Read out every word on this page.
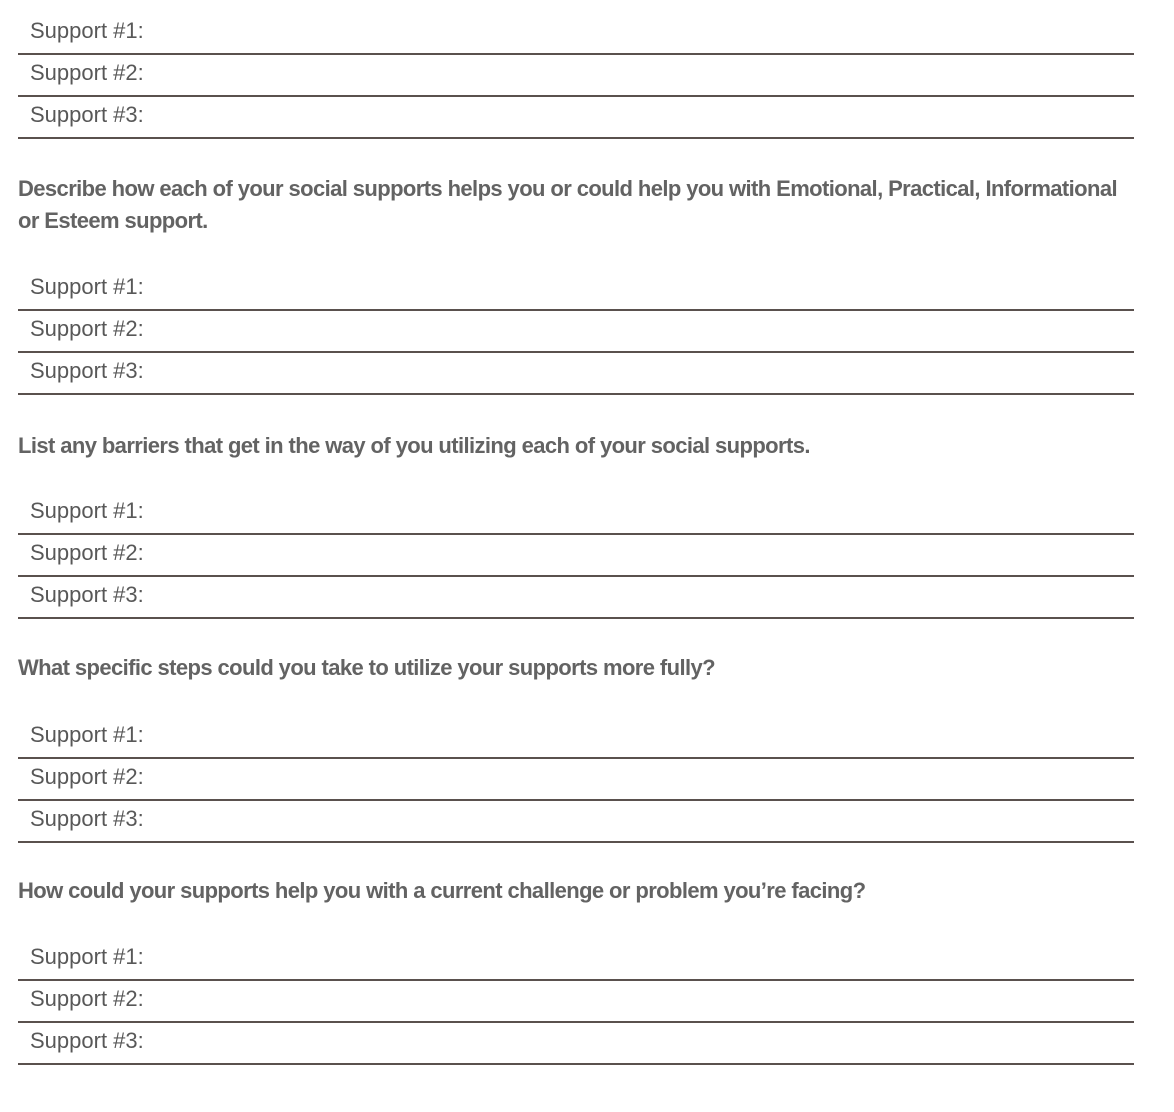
Describe how each of your social supports helps you or could help you with Emotional, Practical, Informational or Esteem support.

List any barriers that get in the way of you utilizing each of your social supports.

What specific steps could you take to utilize your supports more fully?

How could your supports help you with a current challenge or problem you’re facing?

Support #1:
Support #2:
Support #3:
Support #1:
Support #2:
Support #3:
Support #1:
Support #2:
Support #3:
Support #1:
Support #2:
Support #3:
Support #1:
Support #2:
Support #3:
